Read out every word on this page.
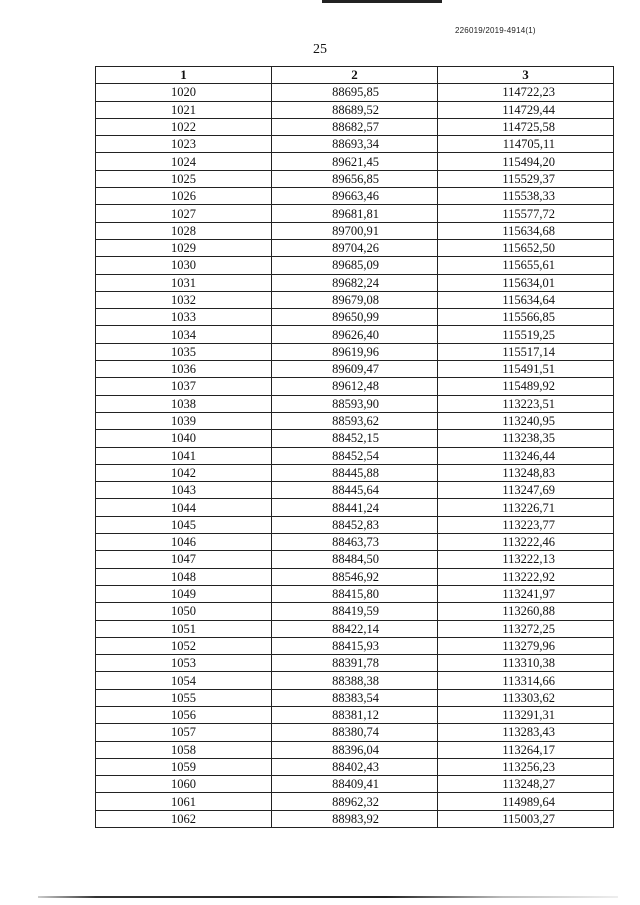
226019/2019-4914(1)
25
1	2	3
1020	88695,85	114722,23
1021	88689,52	114729,44
1022	88682,57	114725,58
1023	88693,34	114705,11
1024	89621,45	115494,20
1025	89656,85	115529,37
1026	89663,46	115538,33
1027	89681,81	115577,72
1028	89700,91	115634,68
1029	89704,26	115652,50
1030	89685,09	115655,61
1031	89682,24	115634,01
1032	89679,08	115634,64
1033	89650,99	115566,85
1034	89626,40	115519,25
1035	89619,96	115517,14
1036	89609,47	115491,51
1037	89612,48	115489,92
1038	88593,90	113223,51
1039	88593,62	113240,95
1040	88452,15	113238,35
1041	88452,54	113246,44
1042	88445,88	113248,83
1043	88445,64	113247,69
1044	88441,24	113226,71
1045	88452,83	113223,77
1046	88463,73	113222,46
1047	88484,50	113222,13
1048	88546,92	113222,92
1049	88415,80	113241,97
1050	88419,59	113260,88
1051	88422,14	113272,25
1052	88415,93	113279,96
1053	88391,78	113310,38
1054	88388,38	113314,66
1055	88383,54	113303,62
1056	88381,12	113291,31
1057	88380,74	113283,43
1058	88396,04	113264,17
1059	88402,43	113256,23
1060	88409,41	113248,27
1061	88962,32	114989,64
1062	88983,92	115003,27
